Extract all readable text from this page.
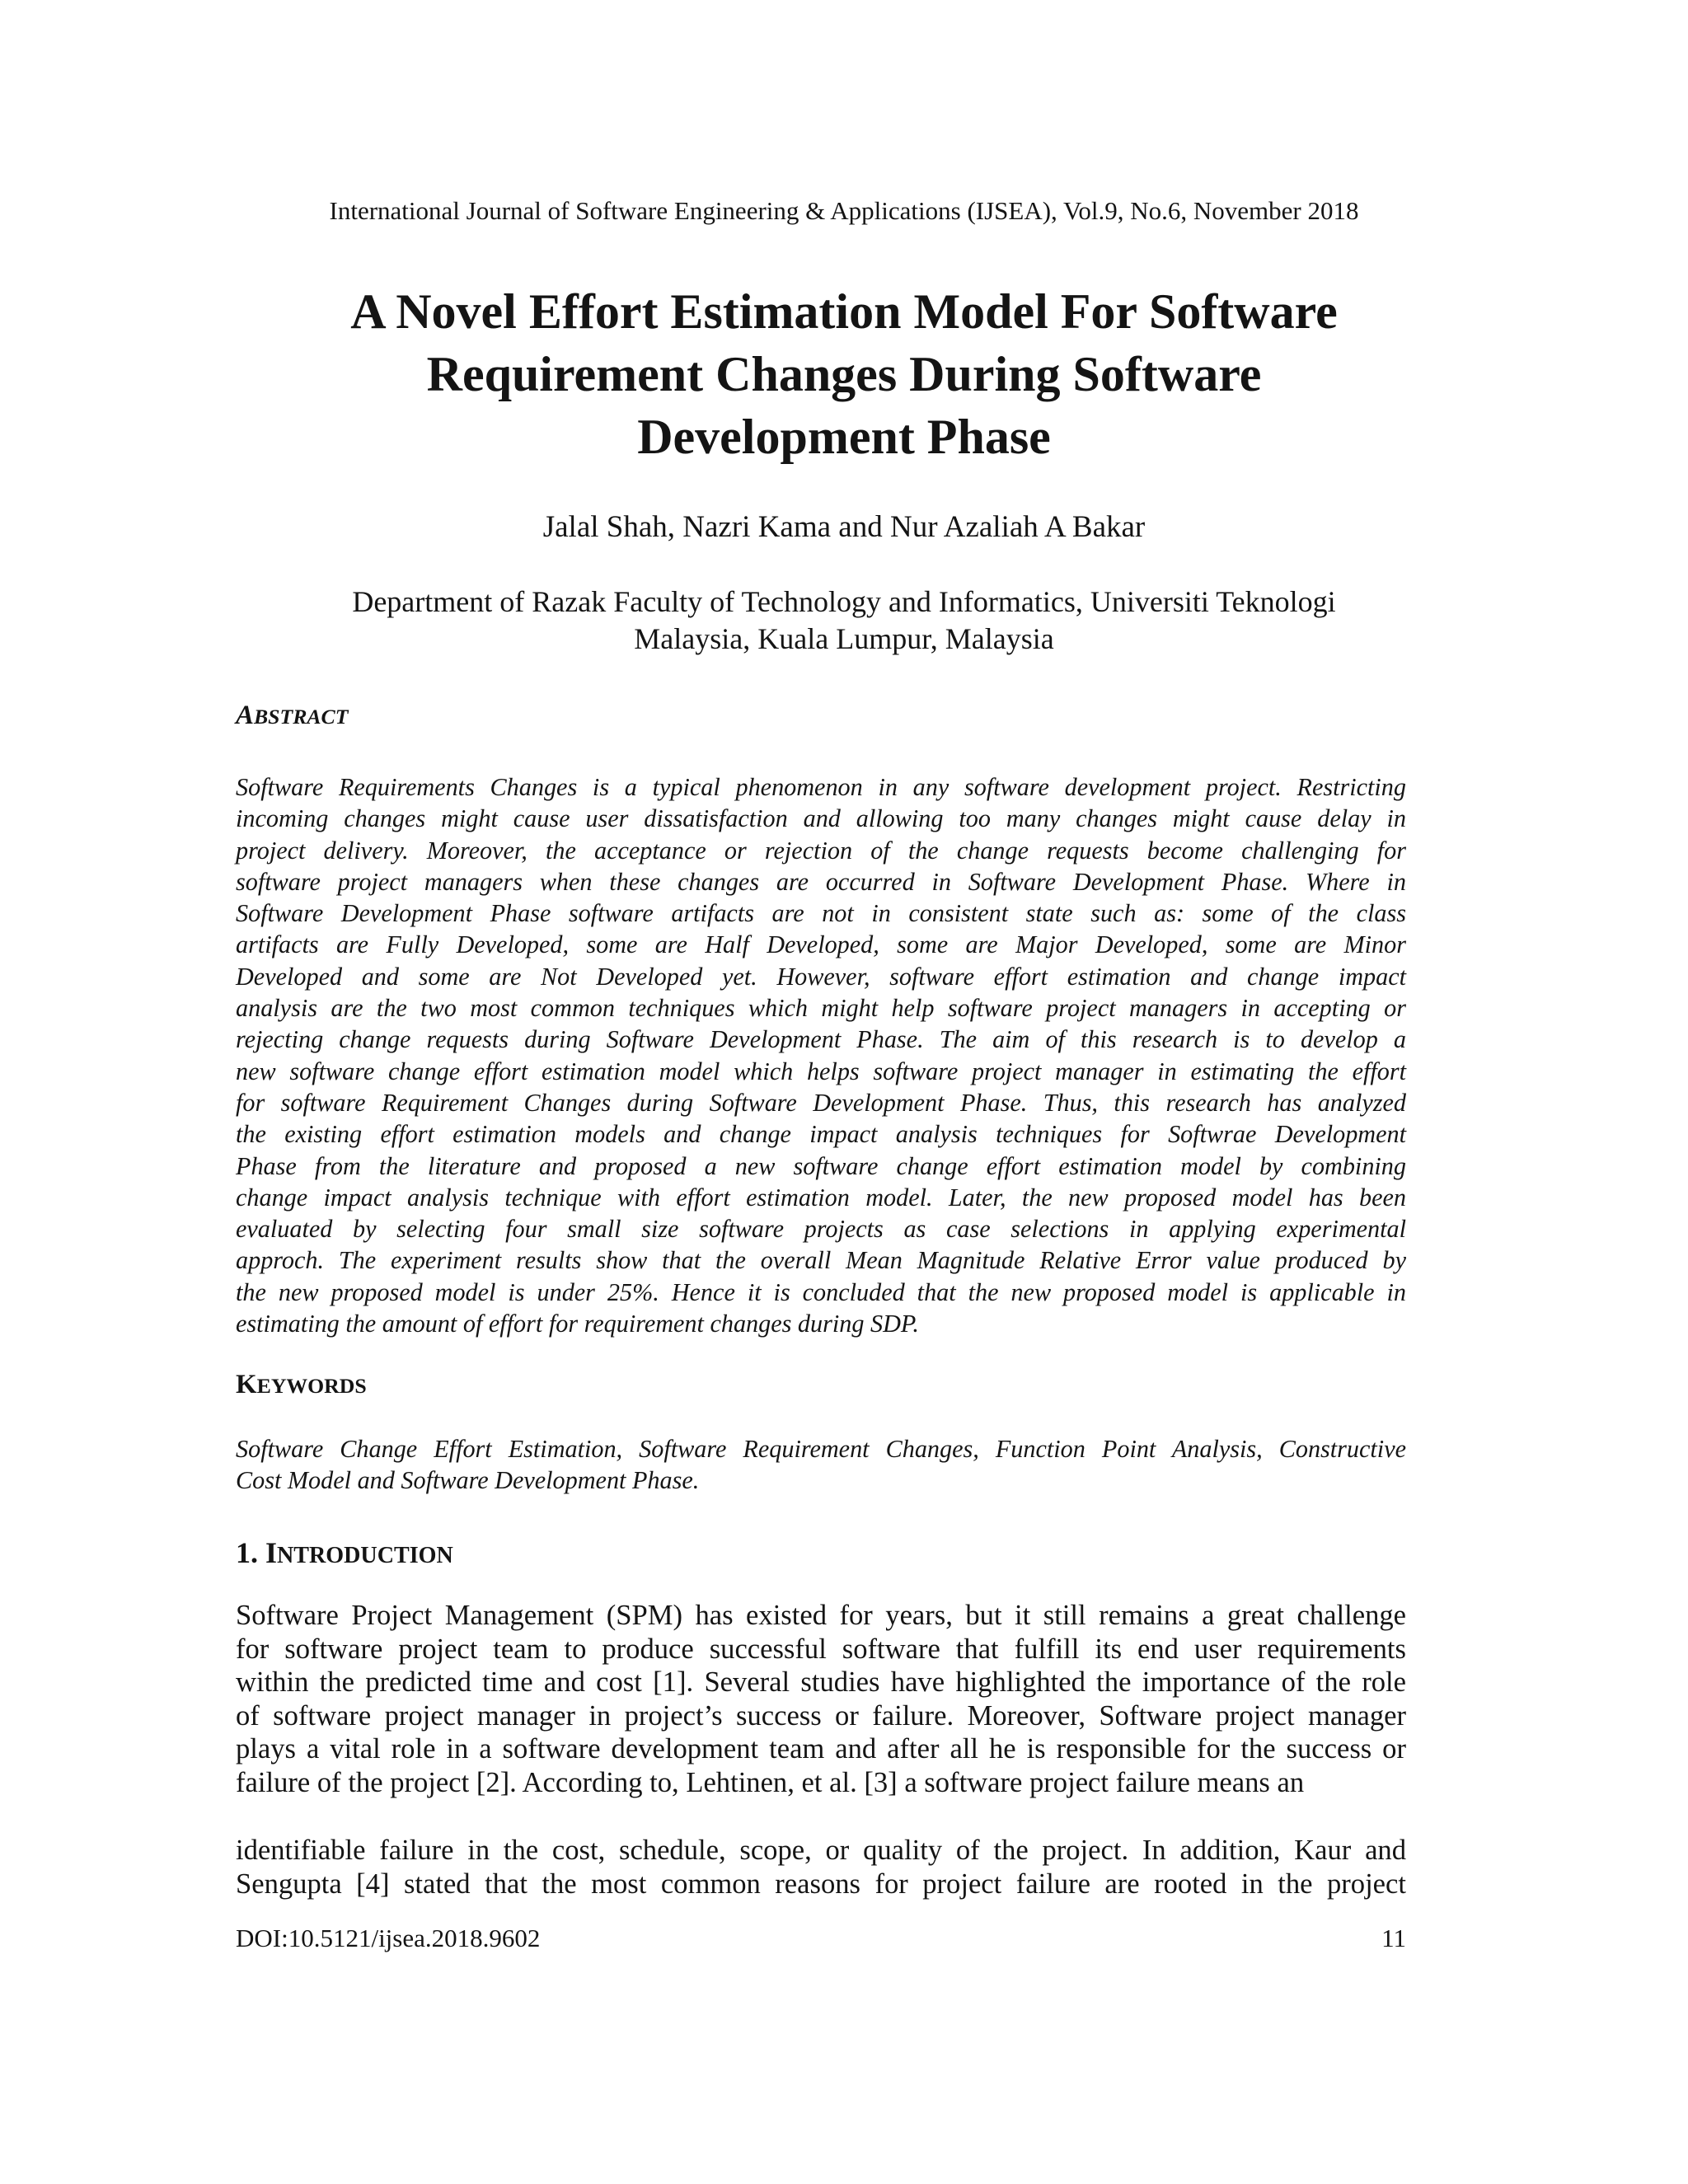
International Journal of Software Engineering & Applications (IJSEA), Vol.9, No.6, November 2018
A Novel Effort Estimation Model For Software
Requirement Changes During Software
Development Phase
Jalal Shah, Nazri Kama and Nur Azaliah A Bakar
Department of Razak Faculty of Technology and Informatics, Universiti Teknologi
Malaysia, Kuala Lumpur, Malaysia
ABSTRACT
Software Requirements Changes is a typical phenomenon in any software development project. Restricting
incoming changes might cause user dissatisfaction and allowing too many changes might cause delay in
project delivery. Moreover, the acceptance or rejection of the change requests become challenging for
software project managers when these changes are occurred in Software Development Phase. Where in
Software Development Phase software artifacts are not in consistent state such as: some of the class
artifacts are Fully Developed, some are Half Developed, some are Major Developed, some are Minor
Developed and some are Not Developed yet. However, software effort estimation and change impact
analysis are the two most common techniques which might help software project managers in accepting or
rejecting change requests during Software Development Phase. The aim of this research is to develop a
new software change effort estimation model which helps software project manager in estimating the effort
for software Requirement Changes during Software Development Phase. Thus, this research has analyzed
the existing effort estimation models and change impact analysis techniques for Softwrae Development
Phase from the literature and proposed a new software change effort estimation model by combining
change impact analysis technique with effort estimation model. Later, the new proposed model has been
evaluated by selecting four small size software projects as case selections in applying experimental
approch. The experiment results show that the overall Mean Magnitude Relative Error value produced by
the new proposed model is under 25%. Hence it is concluded that the new proposed model is applicable in
estimating the amount of effort for requirement changes during SDP.
KEYWORDS
Software Change Effort Estimation, Software Requirement Changes, Function Point Analysis, Constructive
Cost Model and Software Development Phase.
1. INTRODUCTION
Software Project Management (SPM) has existed for years, but it still remains a great challenge
for software project team to produce successful software that fulfill its end user requirements
within the predicted time and cost [1]. Several studies have highlighted the importance of the role
of software project manager in project’s success or failure. Moreover, Software project manager
plays a vital role in a software development team and after all he is responsible for the success or
failure of the project [2]. According to, Lehtinen, et al. [3] a software project failure means an
identifiable failure in the cost, schedule, scope, or quality of the project. In addition, Kaur and
Sengupta [4] stated that the most common reasons for project failure are rooted in the project
DOI:10.5121/ijsea.2018.9602	11
